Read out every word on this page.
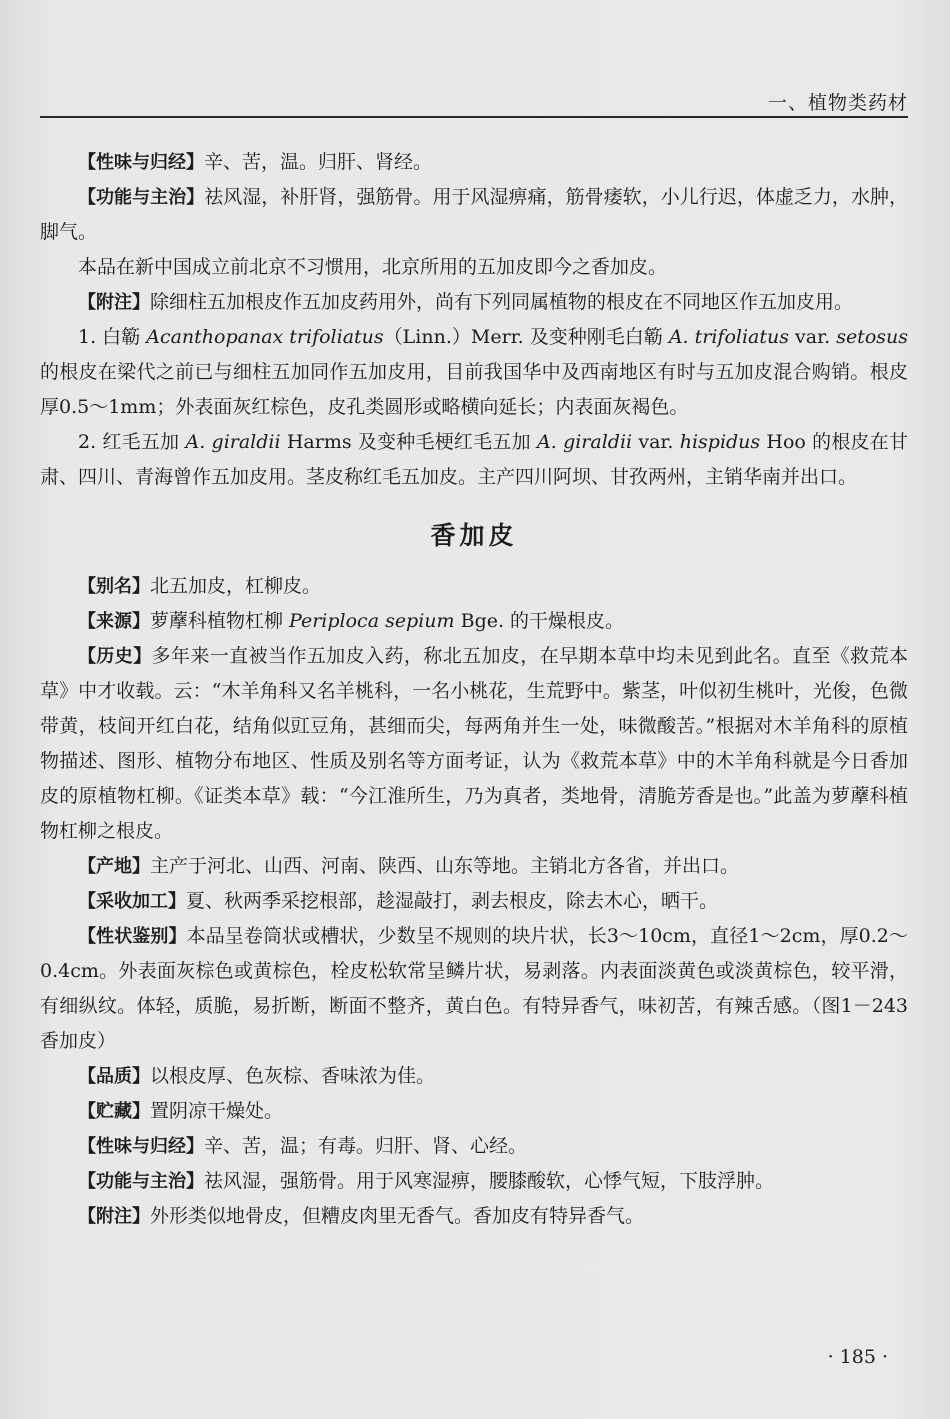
一、植物类药材

【性味与归经】辛、苦，温。归肝、肾经。

【功能与主治】祛风湿，补肝肾，强筋骨。用于风湿痹痛，筋骨痿软，小儿行迟，体虚乏力，水肿，脚气。

本品在新中国成立前北京不习惯用，北京所用的五加皮即今之香加皮。

【附注】除细柱五加根皮作五加皮药用外，尚有下列同属植物的根皮在不同地区作五加皮用。

1. 白簕 Acanthopanax trifoliatus（Linn.）Merr. 及变种刚毛白簕 A. trifoliatus var. setosus 的根皮在梁代之前已与细柱五加同作五加皮用，目前我国华中及西南地区有时与五加皮混合购销。根皮厚0.5～1mm；外表面灰红棕色，皮孔类圆形或略横向延长；内表面灰褐色。

2. 红毛五加 A. giraldii Harms 及变种毛梗红毛五加 A. giraldii var. hispidus Hoo 的根皮在甘肃、四川、青海曾作五加皮用。茎皮称红毛五加皮。主产四川阿坝、甘孜两州，主销华南并出口。

香加皮

【别名】北五加皮，杠柳皮。

【来源】萝藦科植物杠柳 Periploca sepium Bge. 的干燥根皮。

【历史】多年来一直被当作五加皮入药，称北五加皮，在早期本草中均未见到此名。直至《救荒本草》中才收载。云：“木羊角科又名羊桃科，一名小桃花，生荒野中。紫茎，叶似初生桃叶，光俊，色微带黄，枝间开红白花，结角似豇豆角，甚细而尖，每两角并生一处，味微酸苦。”根据对木羊角科的原植物描述、图形、植物分布地区、性质及别名等方面考证，认为《救荒本草》中的木羊角科就是今日香加皮的原植物杠柳。《证类本草》载：“今江淮所生，乃为真者，类地骨，清脆芳香是也。”此盖为萝藦科植物杠柳之根皮。

【产地】主产于河北、山西、河南、陕西、山东等地。主销北方各省，并出口。

【采收加工】夏、秋两季采挖根部，趁湿敲打，剥去根皮，除去木心，晒干。

【性状鉴别】本品呈卷筒状或槽状，少数呈不规则的块片状，长3～10cm，直径1～2cm，厚0.2～0.4cm。外表面灰棕色或黄棕色，栓皮松软常呈鳞片状，易剥落。内表面淡黄色或淡黄棕色，较平滑，有细纵纹。体轻，质脆，易折断，断面不整齐，黄白色。有特异香气，味初苦，有辣舌感。（图1－243 香加皮）

【品质】以根皮厚、色灰棕、香味浓为佳。

【贮藏】置阴凉干燥处。

【性味与归经】辛、苦，温；有毒。归肝、肾、心经。

【功能与主治】祛风湿，强筋骨。用于风寒湿痹，腰膝酸软，心悸气短，下肢浮肿。

【附注】外形类似地骨皮，但糟皮肉里无香气。香加皮有特异香气。

· 185 ·
